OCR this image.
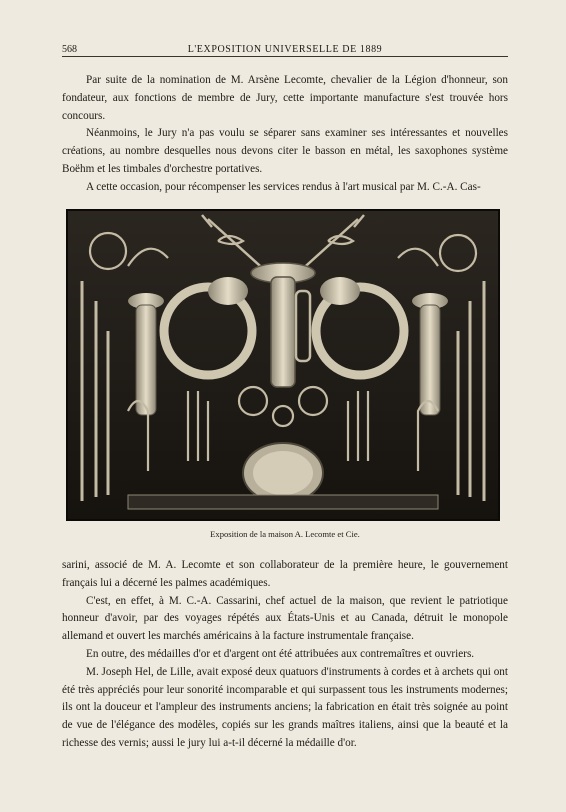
568	L'EXPOSITION UNIVERSELLE DE 1889

Par suite de la nomination de M. Arsène Lecomte, chevalier de la Légion d'honneur, son fondateur, aux fonctions de membre de Jury, cette importante manufacture s'est trouvée hors concours.

Néanmoins, le Jury n'a pas voulu se séparer sans examiner ses intéressantes et nouvelles créations, au nombre desquelles nous devons citer le basson en métal, les saxophones système Boëhm et les timbales d'orchestre portatives.

A cette occasion, pour récompenser les services rendus à l'art musical par M. C.-A. Cas-

Exposition de la maison A. Lecomte et Cie.

sarini, associé de M. A. Lecomte et son collaborateur de la première heure, le gouvernement français lui a décerné les palmes académiques.

C'est, en effet, à M. C.-A. Cassarini, chef actuel de la maison, que revient le patriotique honneur d'avoir, par des voyages répétés aux États-Unis et au Canada, détruit le monopole allemand et ouvert les marchés américains à la facture instrumentale française.

En outre, des médailles d'or et d'argent ont été attribuées aux contremaîtres et ouvriers.

M. Joseph Hel, de Lille, avait exposé deux quatuors d'instruments à cordes et à archets qui ont été très appréciés pour leur sonorité incomparable et qui surpassent tous les instruments modernes; ils ont la douceur et l'ampleur des instruments anciens; la fabrication en était très soignée au point de vue de l'élégance des modèles, copiés sur les grands maîtres italiens, ainsi que la beauté et la richesse des vernis; aussi le jury lui a-t-il décerné la médaille d'or.
